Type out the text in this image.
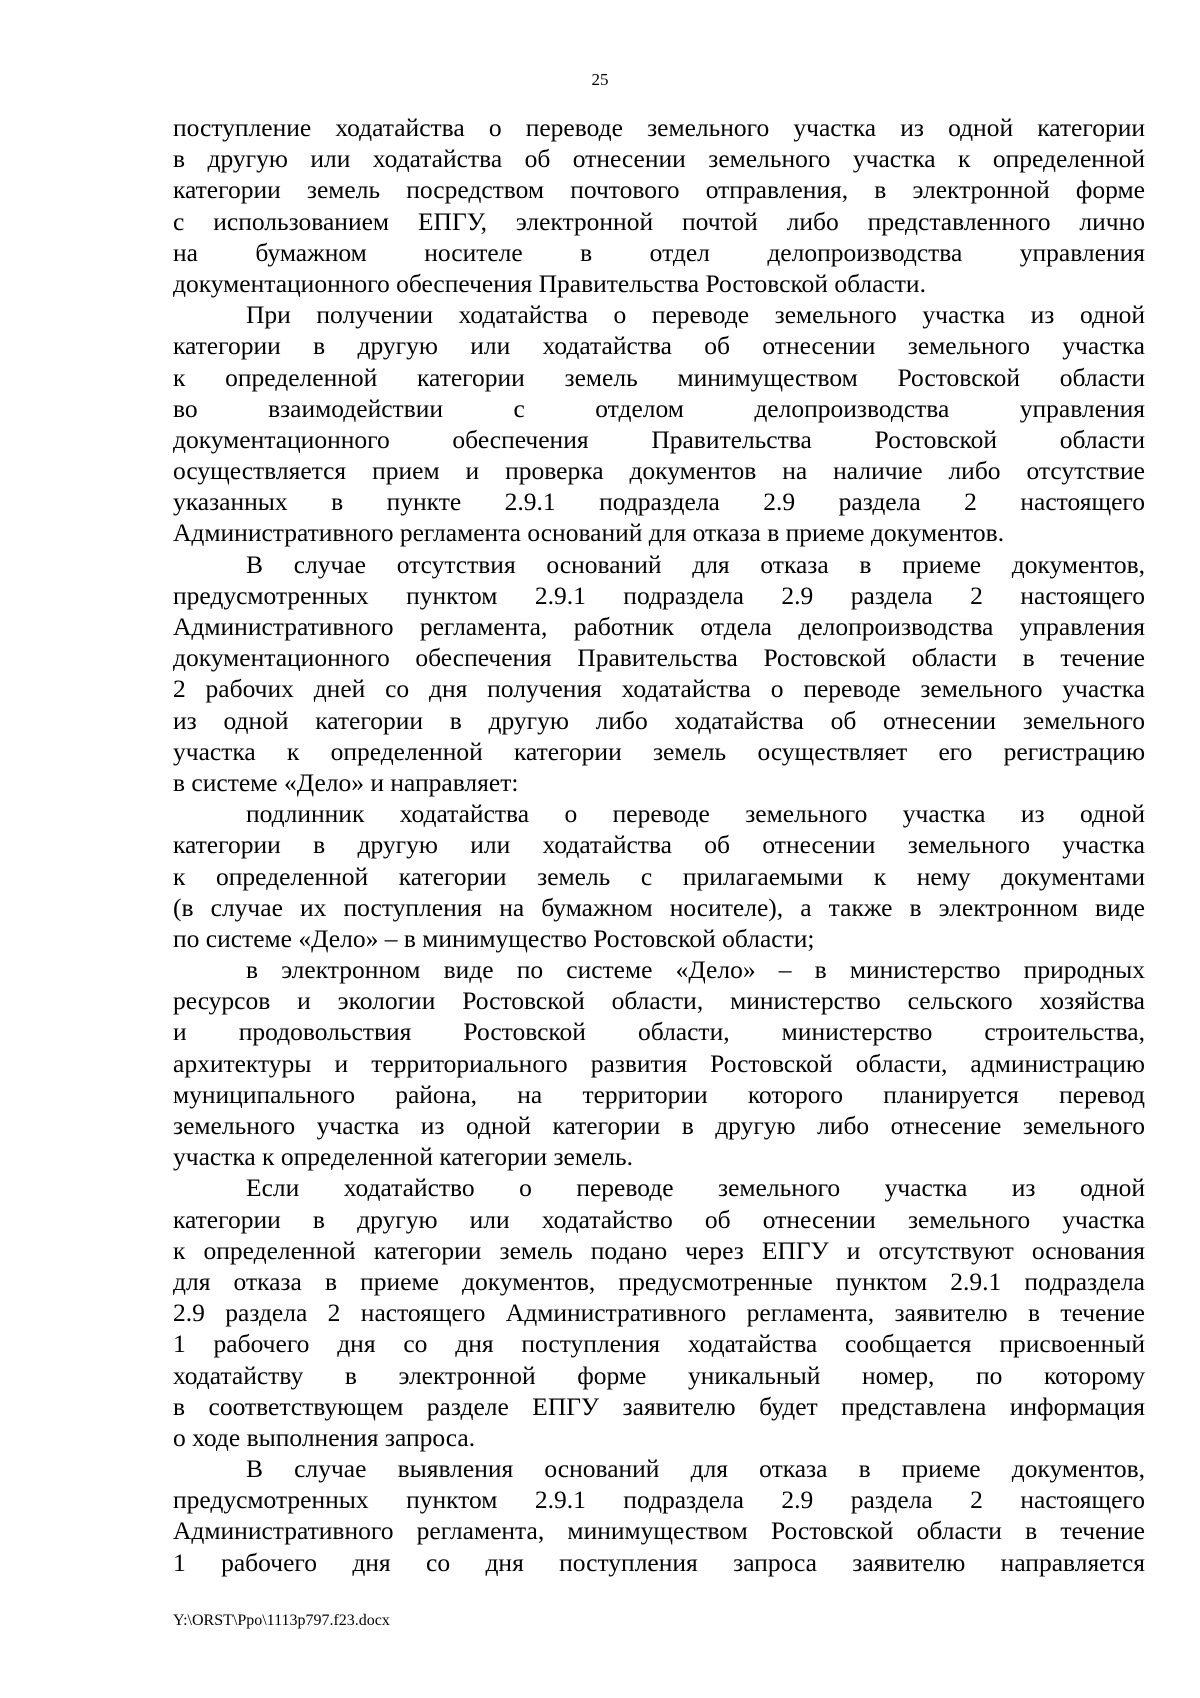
25
поступление ходатайства о переводе земельного участка из одной категории
в другую или ходатайства об отнесении земельного участка к определенной
категории земель посредством почтового отправления, в электронной форме
с использованием ЕПГУ, электронной почтой либо представленного лично
на бумажном носителе в отдел делопроизводства управления
документационного обеспечения Правительства Ростовской области.
При получении ходатайства о переводе земельного участка из одной
категории в другую или ходатайства об отнесении земельного участка
к определенной категории земель минимуществом Ростовской области
во взаимодействии с отделом делопроизводства управления
документационного обеспечения Правительства Ростовской области
осуществляется прием и проверка документов на наличие либо отсутствие
указанных в пункте 2.9.1 подраздела 2.9 раздела 2 настоящего
Административного регламента оснований для отказа в приеме документов.
В случае отсутствия оснований для отказа в приеме документов,
предусмотренных пунктом 2.9.1 подраздела 2.9 раздела 2 настоящего
Административного регламента, работник отдела делопроизводства управления
документационного обеспечения Правительства Ростовской области в течение
2 рабочих дней со дня получения ходатайства о переводе земельного участка
из одной категории в другую либо ходатайства об отнесении земельного
участка к определенной категории земель осуществляет его регистрацию
в системе «Дело» и направляет:
подлинник ходатайства о переводе земельного участка из одной
категории в другую или ходатайства об отнесении земельного участка
к определенной категории земель с прилагаемыми к нему документами
(в случае их поступления на бумажном носителе), а также в электронном виде
по системе «Дело» – в минимущество Ростовской области;
в электронном виде по системе «Дело» – в министерство природных
ресурсов и экологии Ростовской области, министерство сельского хозяйства
и продовольствия Ростовской области, министерство строительства,
архитектуры и территориального развития Ростовской области, администрацию
муниципального района, на территории которого планируется перевод
земельного участка из одной категории в другую либо отнесение земельного
участка к определенной категории земель.
Если ходатайство о переводе земельного участка из одной
категории в другую или ходатайство об отнесении земельного участка
к определенной категории земель подано через ЕПГУ и отсутствуют основания
для отказа в приеме документов, предусмотренные пунктом 2.9.1 подраздела
2.9 раздела 2 настоящего Административного регламента, заявителю в течение
1 рабочего дня со дня поступления ходатайства сообщается присвоенный
ходатайству в электронной форме уникальный номер, по которому
в соответствующем разделе ЕПГУ заявителю будет представлена информация
о ходе выполнения запроса.
В случае выявления оснований для отказа в приеме документов,
предусмотренных пунктом 2.9.1 подраздела 2.9 раздела 2 настоящего
Административного регламента, минимуществом Ростовской области в течение
1 рабочего дня со дня поступления запроса заявителю направляется
Y:\ORST\Ppo\1113p797.f23.docx
